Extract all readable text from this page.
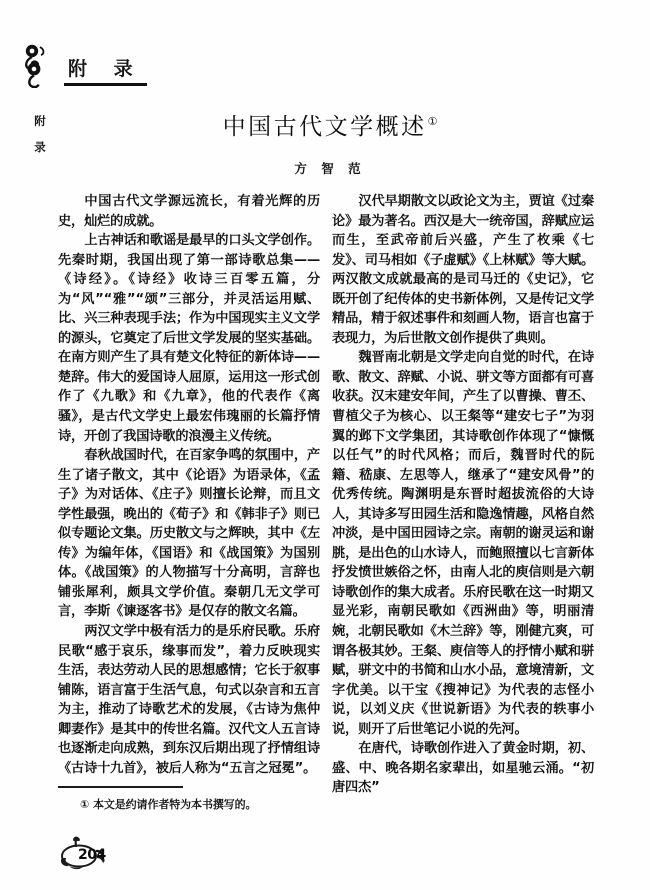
附 录
附
录
中国古代文学概述①
方 智 范

中国古代文学源远流长，有着光辉的历史，灿烂的成就。

上古神话和歌谣是最早的口头文学创作。先秦时期，我国出现了第一部诗歌总集——《诗经》。《诗经》收诗三百零五篇，分为“风”“雅”“颂”三部分，并灵活运用赋、比、兴三种表现手法；作为中国现实主义文学的源头，它奠定了后世文学发展的坚实基础。在南方则产生了具有楚文化特征的新体诗——楚辞。伟大的爱国诗人屈原，运用这一形式创作了《九歌》和《九章》，他的代表作《离骚》，是古代文学史上最宏伟瑰丽的长篇抒情诗，开创了我国诗歌的浪漫主义传统。

春秋战国时代，在百家争鸣的氛围中，产生了诸子散文，其中《论语》为语录体，《孟子》为对话体、《庄子》则擅长论辩，而且文学性最强，晚出的《荀子》和《韩非子》则已似专题论文集。历史散文与之辉映，其中《左传》为编年体，《国语》和《战国策》为国别体。《战国策》的人物描写十分高明，言辞也铺张犀利，颇具文学价值。秦朝几无文学可言，李斯《谏逐客书》是仅存的散文名篇。

两汉文学中极有活力的是乐府民歌。乐府民歌“感于哀乐，缘事而发”，着力反映现实生活，表达劳动人民的思想感情；它长于叙事铺陈，语言富于生活气息，句式以杂言和五言为主，推动了诗歌艺术的发展，《古诗为焦仲卿妻作》是其中的传世名篇。汉代文人五言诗也逐渐走向成熟，到东汉后期出现了抒情组诗《古诗十九首》，被后人称为“五言之冠冕”。

汉代早期散文以政论文为主，贾谊《过秦论》最为著名。西汉是大一统帝国，辞赋应运而生，至武帝前后兴盛，产生了枚乘《七发》、司马相如《子虚赋》《上林赋》等大赋。两汉散文成就最高的是司马迁的《史记》，它既开创了纪传体的史书新体例，又是传记文学精品，精于叙述事件和刻画人物，语言也富于表现力，为后世散文创作提供了典则。

魏晋南北朝是文学走向自觉的时代，在诗歌、散文、辞赋、小说、骈文等方面都有可喜收获。汉末建安年间，产生了以曹操、曹丕、曹植父子为核心、以王粲等“建安七子”为羽翼的邺下文学集团，其诗歌创作体现了“慷慨以任气”的时代风格；而后，魏晋时代的阮籍、嵇康、左思等人，继承了“建安风骨”的优秀传统。陶渊明是东晋时超拔流俗的大诗人，其诗多写田园生活和隐逸情趣，风格自然冲淡，是中国田园诗之宗。南朝的谢灵运和谢朓，是出色的山水诗人，而鲍照擅以七言新体抒发愤世嫉俗之怀，由南人北的庾信则是六朝诗歌创作的集大成者。乐府民歌在这一时期又显光彩，南朝民歌如《西洲曲》等，明丽清婉，北朝民歌如《木兰辞》等，刚健亢爽，可谓各极其妙。王粲、庾信等人的抒情小赋和骈赋，骈文中的书简和山水小品，意境清新，文字优美。以干宝《搜神记》为代表的志怪小说，以刘义庆《世说新语》为代表的轶事小说，则开了后世笔记小说的先河。

在唐代，诗歌创作进入了黄金时期，初、盛、中、晚各期名家辈出，如星驰云涌。“初唐四杰”

① 本文是约请作者特为本书撰写的。

204
